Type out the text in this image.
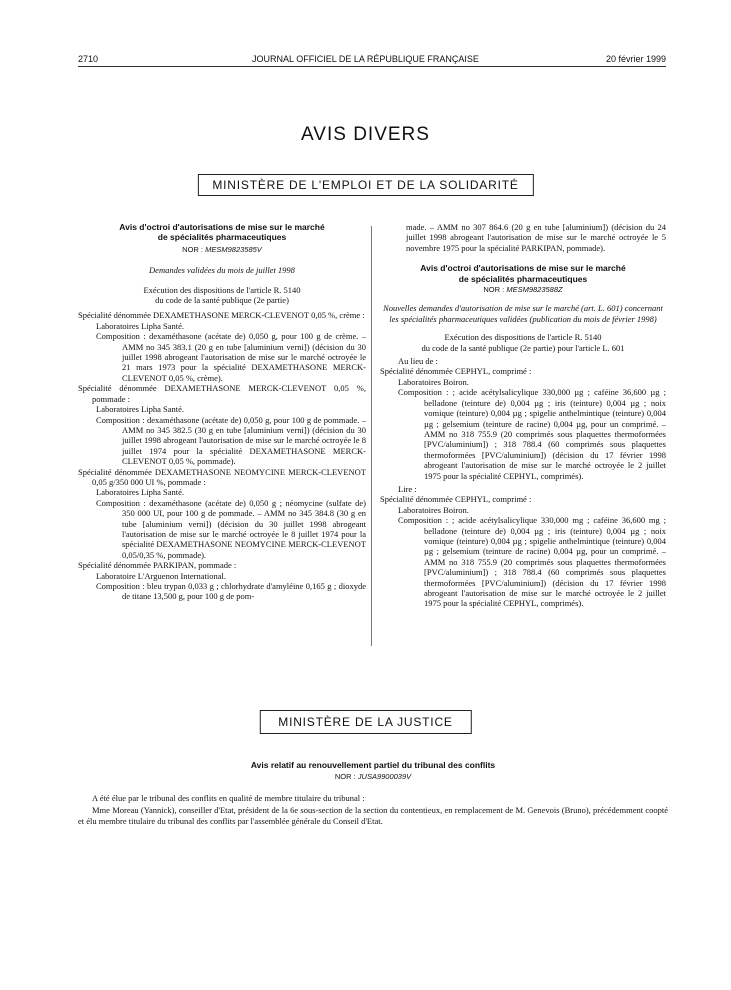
2710	JOURNAL OFFICIEL DE LA RÉPUBLIQUE FRANÇAISE	20 février 1999
AVIS DIVERS
MINISTÈRE DE L'EMPLOI ET DE LA SOLIDARITÉ
Avis d'octroi d'autorisations de mise sur le marché
de spécialités pharmaceutiques
NOR : MESM9823585V

Demandes validées du mois de juillet 1998

Exécution des dispositions de l'article R. 5140

du code de la santé publique (2e partie)

Spécialité dénommée DEXAMETHASONE MERCK-CLEVENOT 0,05 %, crème :

Laboratoires Lipha Santé.

Composition : dexaméthasone (acétate de) 0,050 g, pour 100 g de crème. – AMM no 345 383.1 (20 g en tube [aluminium verni]) (décision du 30 juillet 1998 abrogeant l'autorisation de mise sur le marché octroyée le 21 mars 1973 pour la spécialité DEXAMETHASONE MERCK-CLEVENOT 0,05 %, crème).

Spécialité dénommée DEXAMETHASONE MERCK-CLEVENOT 0,05 %, pommade :

Laboratoires Lipha Santé.

Composition : dexaméthasone (acétate de) 0,050 g, pour 100 g de pommade. – AMM no 345 382.5 (30 g en tube [aluminium verni]) (décision du 30 juillet 1998 abrogeant l'autorisation de mise sur le marché octroyée le 8 juillet 1974 pour la spécialité DEXAMETHASONE MERCK-CLEVENOT 0,05 %, pommade).

Spécialité dénommée DEXAMETHASONE NEOMYCINE MERCK-CLEVENOT 0,05 g/350 000 UI %, pommade :

Laboratoires Lipha Santé.

Composition : dexaméthasone (acétate de) 0,050 g ; néomycine (sulfate de) 350 000 UI, pour 100 g de pommade. – AMM no 345 384.8 (30 g en tube [aluminium verni]) (décision du 30 juillet 1998 abrogeant l'autorisation de mise sur le marché octroyée le 8 juillet 1974 pour la spécialité DEXAMETHASONE NEOMYCINE MERCK-CLEVENOT 0,05/0,35 %, pommade).

Spécialité dénommée PARKIPAN, pommade :

Laboratoire L'Arguenon International.

Composition : bleu trypan 0,033 g ; chlorhydrate d'amyléine 0,165 g ; dioxyde de titane 13,500 g, pour 100 g de pom-

made. – AMM no 307 864.6 (20 g en tube [aluminium]) (décision du 24 juillet 1998 abrogeant l'autorisation de mise sur le marché octroyée le 5 novembre 1975 pour la spécialité PARKIPAN, pommade).

Avis d'octroi d'autorisations de mise sur le marché
de spécialités pharmaceutiques
NOR : MESM9823588Z

Nouvelles demandes d'autorisation de mise sur le marché (art. L. 601) concernant les spécialités pharmaceutiques validées (publication du mois de février 1998)

Exécution des dispositions de l'article R. 5140

du code de la santé publique (2e partie) pour l'article L. 601

Au lieu de :

Spécialité dénommée CEPHYL, comprimé :

Laboratoires Boiron.

Composition : ; acide acétylsalicylique 330,000 µg ; caféine 36,600 µg ; belladone (teinture de) 0,004 µg ; iris (teinture) 0,004 µg ; noix vomique (teinture) 0,004 µg ; spigelie anthelmintique (teinture) 0,004 µg ; gelsemium (teinture de racine) 0,004 µg, pour un comprimé. – AMM no 318 755.9 (20 comprimés sous plaquettes thermoformées [PVC/aluminium]) ; 318 788.4 (60 comprimés sous plaquettes thermoformées [PVC/aluminium]) (décision du 17 février 1998 abrogeant l'autorisation de mise sur le marché octroyée le 2 juillet 1975 pour la spécialité CEPHYL, comprimés).

Lire :

Spécialité dénommée CEPHYL, comprimé :

Laboratoires Boiron.

Composition : ; acide acétylsalicylique 330,000 mg ; caféine 36,600 mg ; belladone (teinture de) 0,004 µg ; iris (teinture) 0,004 µg ; noix vomique (teinture) 0,004 µg ; spigelie anthelmintique (teinture) 0,004 µg ; gelsemium (teinture de racine) 0,004 µg, pour un comprimé. – AMM no 318 755.9 (20 comprimés sous plaquettes thermoformées [PVC/aluminium]) ; 318 788.4 (60 comprimés sous plaquettes thermoformées [PVC/aluminium]) (décision du 17 février 1998 abrogeant l'autorisation de mise sur le marché octroyée le 2 juillet 1975 pour la spécialité CEPHYL, comprimés).

MINISTÈRE DE LA JUSTICE
Avis relatif au renouvellement partiel du tribunal des conflits
NOR : JUSA9900039V

A été élue par le tribunal des conflits en qualité de membre titulaire du tribunal :

Mme Moreau (Yannick), conseiller d'Etat, président de la 6e sous-section de la section du contentieux, en remplacement de M. Genevois (Bruno), précédemment coopté et élu membre titulaire du tribunal des conflits par l'assemblée générale du Conseil d'Etat.
